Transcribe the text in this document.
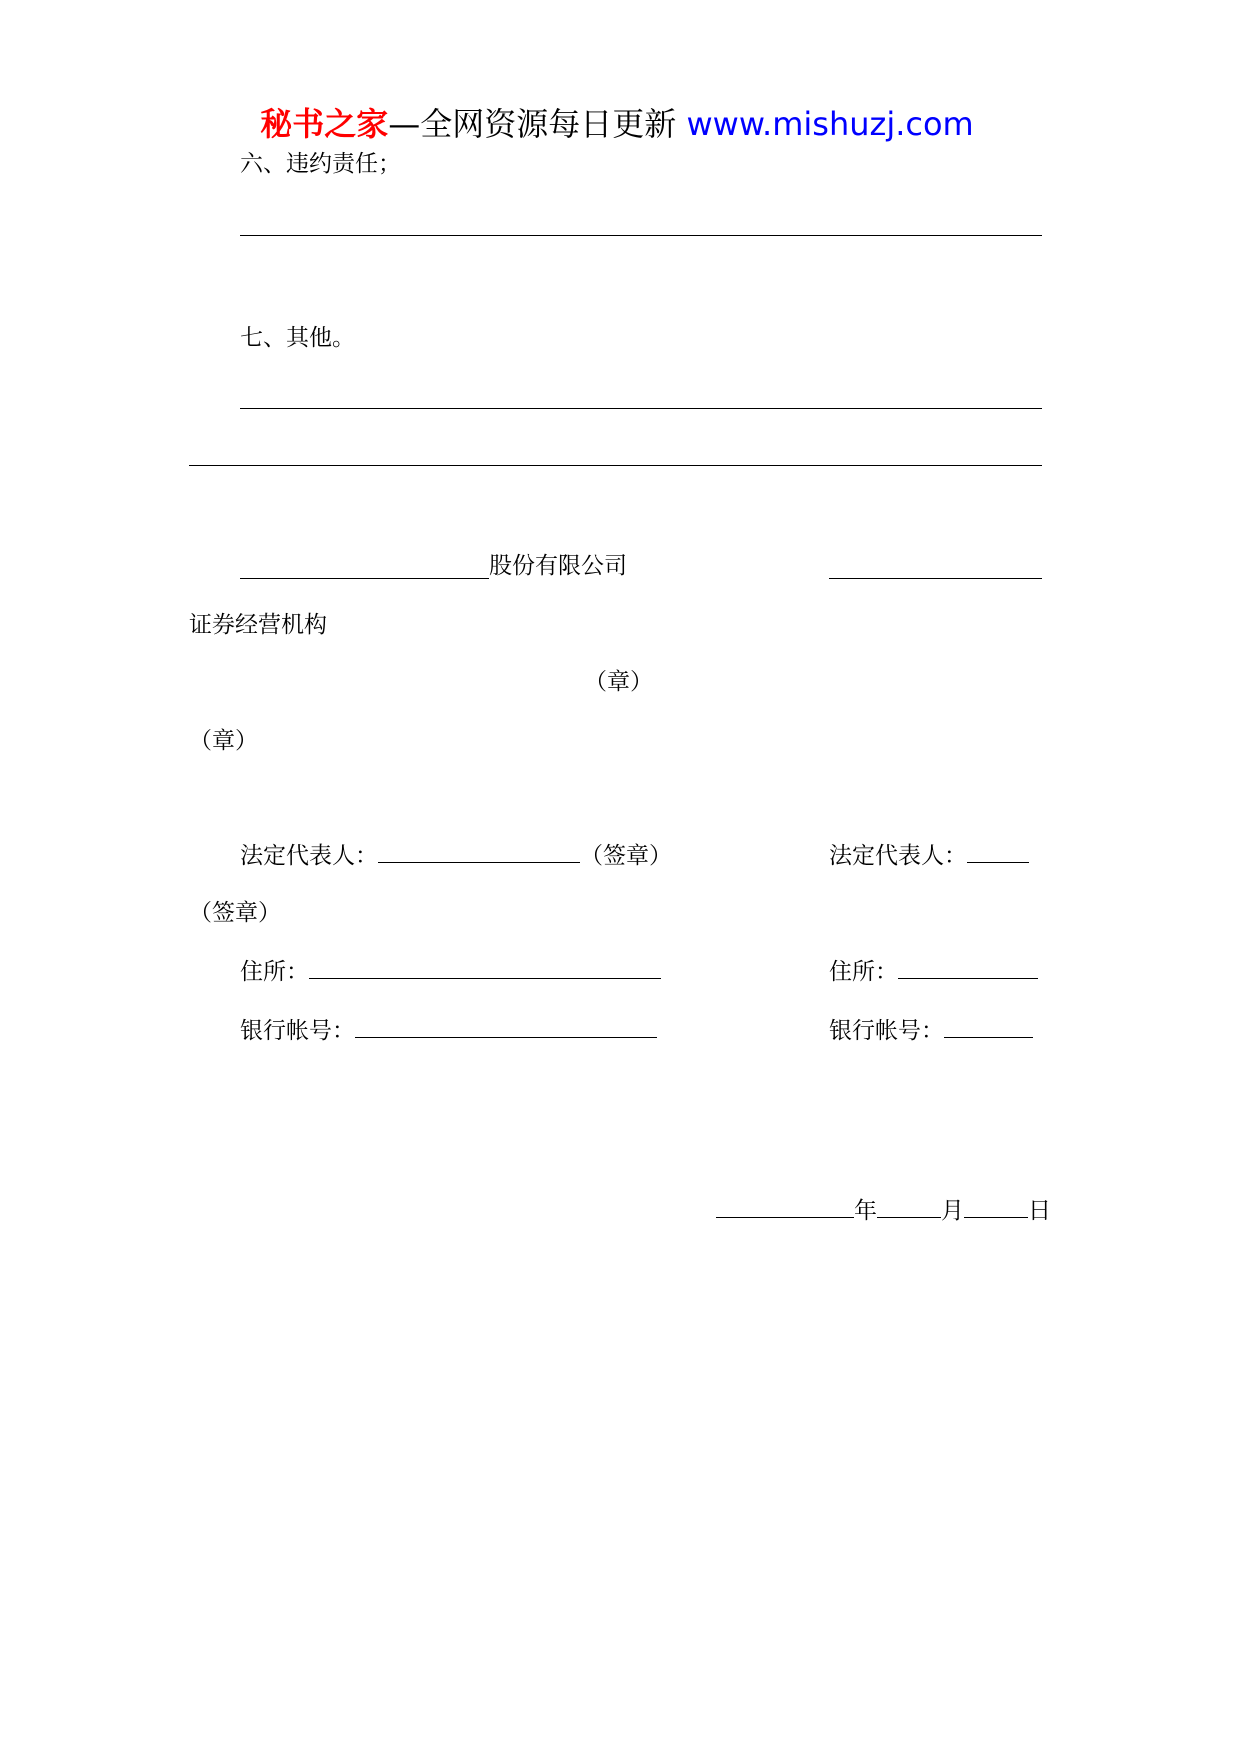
秘书之家—全网资源每日更新 www.mishuzj.com
六、违约责任；
七、其他。
股份有限公司
证券经营机构
（章）
（章）
法定代表人：	（签章）	法定代表人：
（签章）
住所：	住所：
银行帐号：	银行帐号：
年	月	日
